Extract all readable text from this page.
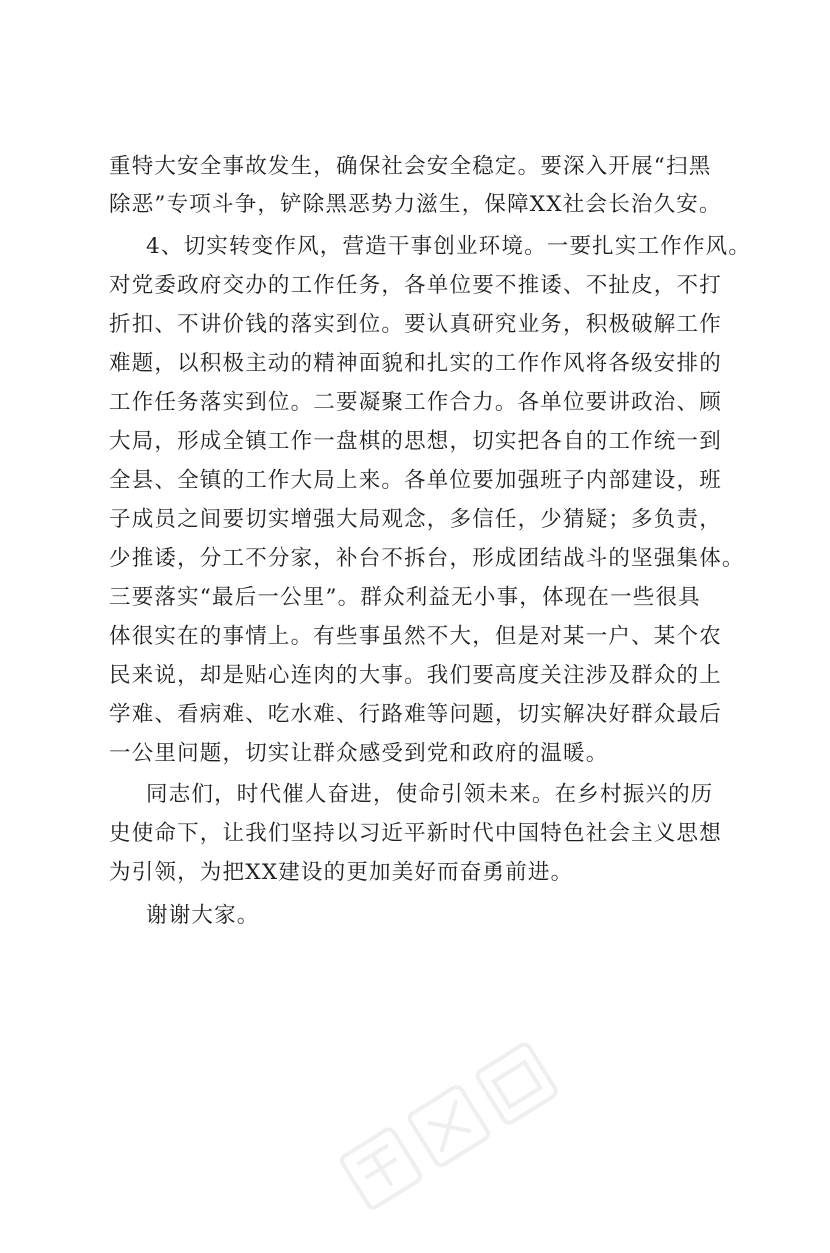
重特大安全事故发生，确保社会安全稳定。要深入开展“扫黑
除恶”专项斗争，铲除黑恶势力滋生，保障XX社会长治久安。
4、切实转变作风，营造干事创业环境。一要扎实工作作风。
对党委政府交办的工作任务，各单位要不推诿、不扯皮，不打
折扣、不讲价钱的落实到位。要认真研究业务，积极破解工作
难题，以积极主动的精神面貌和扎实的工作作风将各级安排的
工作任务落实到位。二要凝聚工作合力。各单位要讲政治、顾
大局，形成全镇工作一盘棋的思想，切实把各自的工作统一到
全县、全镇的工作大局上来。各单位要加强班子内部建设，班
子成员之间要切实增强大局观念，多信任，少猜疑；多负责，
少推诿，分工不分家，补台不拆台，形成团结战斗的坚强集体。
三要落实“最后一公里”。群众利益无小事，体现在一些很具
体很实在的事情上。有些事虽然不大，但是对某一户、某个农
民来说，却是贴心连肉的大事。我们要高度关注涉及群众的上
学难、看病难、吃水难、行路难等问题，切实解决好群众最后
一公里问题，切实让群众感受到党和政府的温暖。
同志们，时代催人奋进，使命引领未来。在乡村振兴的历
史使命下，让我们坚持以习近平新时代中国特色社会主义思想
为引领，为把XX建设的更加美好而奋勇前进。
谢谢大家。
